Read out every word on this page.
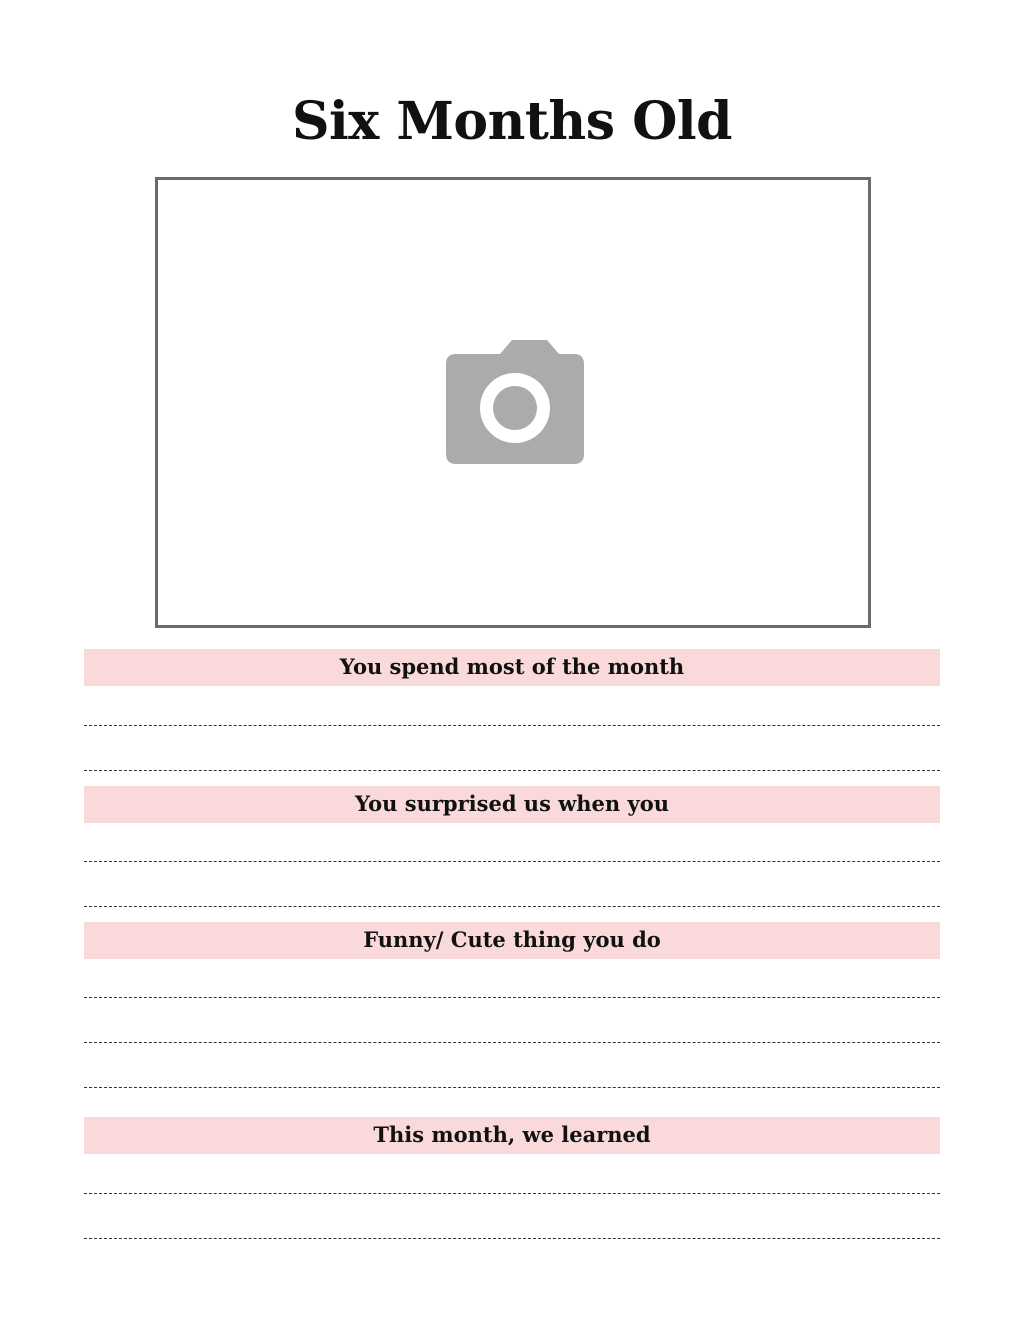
Six Months Old
You spend most of the month
You surprised us when you
Funny/ Cute thing you do
This month, we learned
